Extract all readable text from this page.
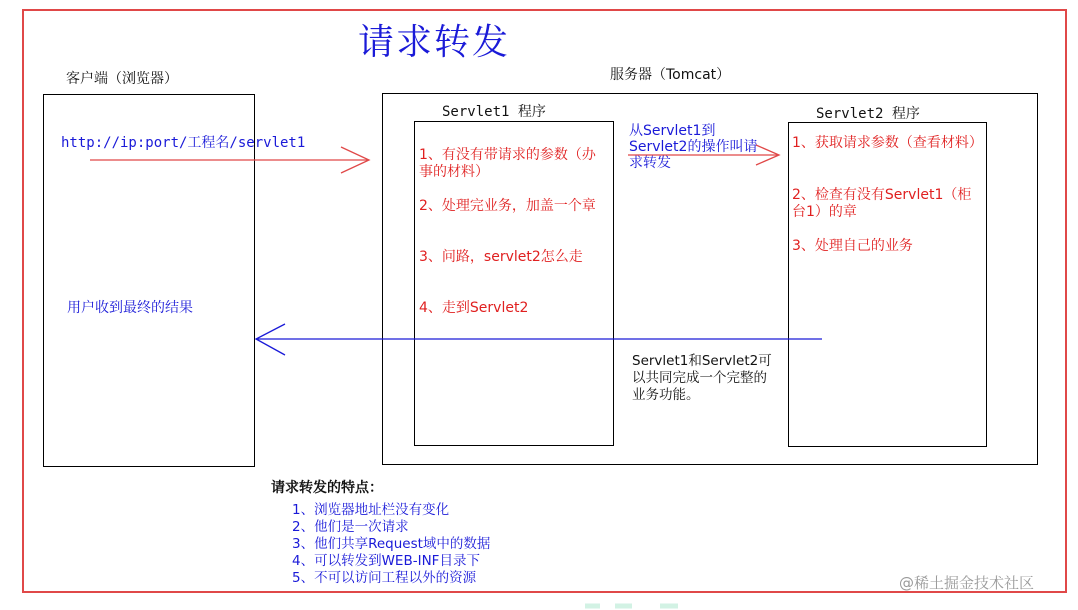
请求转发
客户端（浏览器）	服务器（Tomcat）
Servlet1 程序	Servlet2 程序
http://ip:port/工程名/servlet1
1、有没有带请求的参数（办事的材料）
2、处理完业务，加盖一个章
3、问路，servlet2怎么走
4、走到Servlet2
1、获取请求参数（查看材料）
2、检查有没有Servlet1（柜台1）的章
3、处理自己的业务
从Servlet1到Servlet2的操作叫请求转发
Servlet1和Servlet2可以共同完成一个完整的业务功能。
用户收到最终的结果
请求转发的特点：
1、浏览器地址栏没有变化
2、他们是一次请求
3、他们共享Request域中的数据
4、可以转发到WEB-INF目录下
5、不可以访问工程以外的资源	@稀土掘金技术社区
